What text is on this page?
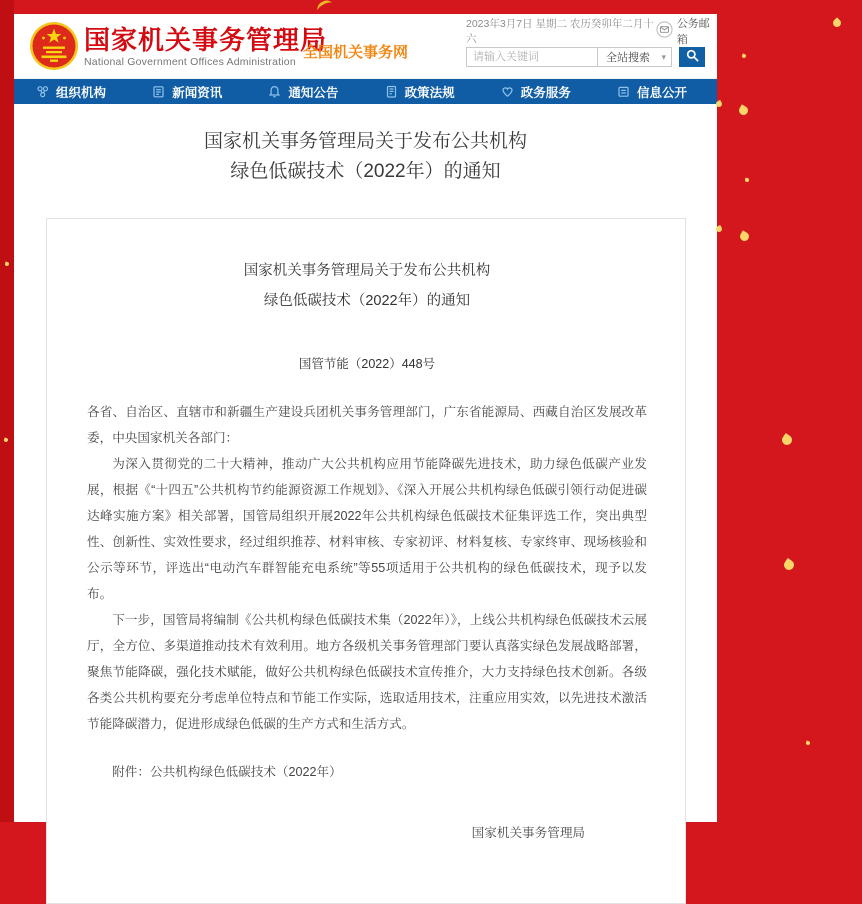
国家机关事务管理局
National Government Offices Administration
全国机关事务网
2023年3月7日 星期二 农历癸卯年二月十六
公务邮箱
请输入关键词
全站搜索 ▾
组织机构	新闻资讯	通知公告	政策法规	政务服务	信息公开
国家机关事务管理局关于发布公共机构
绿色低碳技术（2022年）的通知
国家机关事务管理局关于发布公共机构
绿色低碳技术（2022年）的通知
国管节能（2022）448号

各省、自治区、直辖市和新疆生产建设兵团机关事务管理部门，广东省能源局、西藏自治区发展改革委，中央国家机关各部门：

为深入贯彻党的二十大精神，推动广大公共机构应用节能降碳先进技术，助力绿色低碳产业发展，根据《“十四五”公共机构节约能源资源工作规划》、《深入开展公共机构绿色低碳引领行动促进碳达峰实施方案》相关部署，国管局组织开展2022年公共机构绿色低碳技术征集评选工作，突出典型性、创新性、实效性要求，经过组织推荐、材料审核、专家初评、材料复核、专家终审、现场核验和公示等环节，评选出“电动汽车群智能充电系统”等55项适用于公共机构的绿色低碳技术，现予以发布。

下一步，国管局将编制《公共机构绿色低碳技术集（2022年）》，上线公共机构绿色低碳技术云展厅，全方位、多渠道推动技术有效利用。地方各级机关事务管理部门要认真落实绿色发展战略部署，聚焦节能降碳，强化技术赋能，做好公共机构绿色低碳技术宣传推介，大力支持绿色技术创新。各级各类公共机构要充分考虑单位特点和节能工作实际，选取适用技术，注重应用实效，以先进技术激活节能降碳潜力，促进形成绿色低碳的生产方式和生活方式。

附件：公共机构绿色低碳技术（2022年）
国家机关事务管理局
